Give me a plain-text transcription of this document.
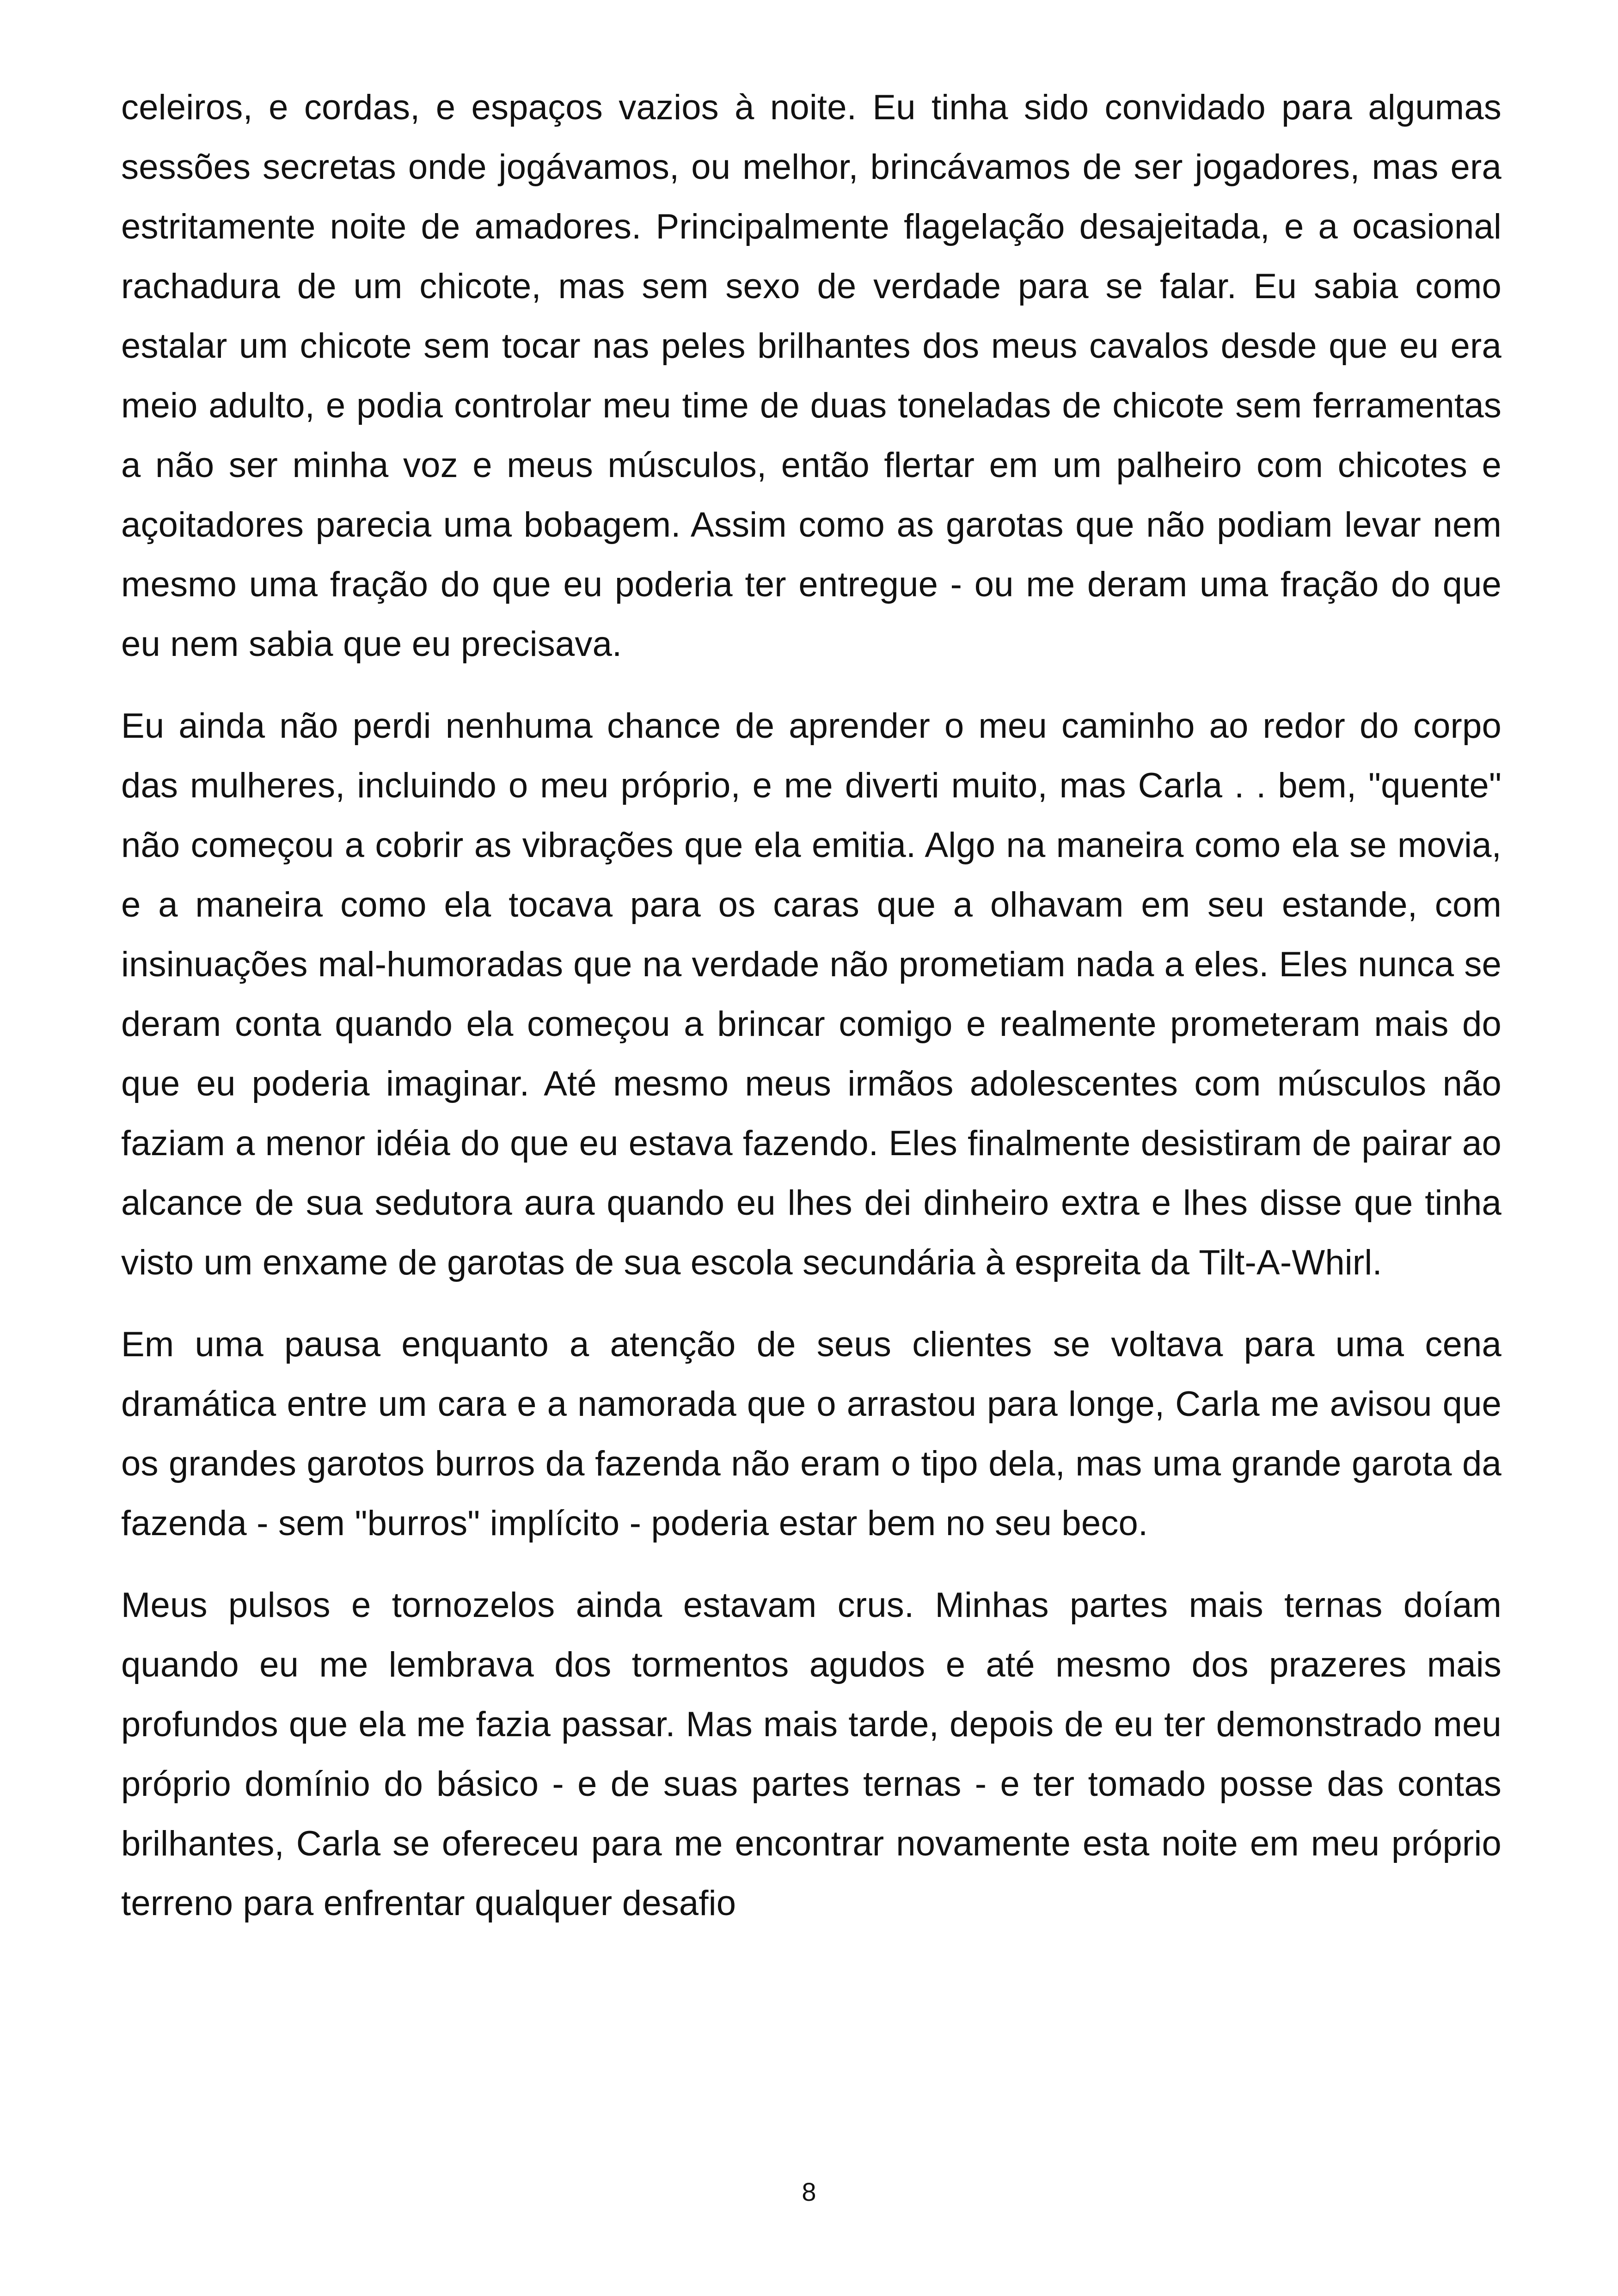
celeiros, e cordas, e espaços vazios à noite. Eu tinha sido convidado para algumas sessões secretas onde jogávamos, ou melhor, brincávamos de ser jogadores, mas era estritamente noite de amadores. Principalmente flagelação desajeitada, e a ocasional rachadura de um chicote, mas sem sexo de verdade para se falar. Eu sabia como estalar um chicote sem tocar nas peles brilhantes dos meus cavalos desde que eu era meio adulto, e podia controlar meu time de duas toneladas de chicote sem ferramentas a não ser minha voz e meus músculos, então flertar em um palheiro com chicotes e açoitadores parecia uma bobagem. Assim como as garotas que não podiam levar nem mesmo uma fração do que eu poderia ter entregue - ou me deram uma fração do que eu nem sabia que eu precisava.

Eu ainda não perdi nenhuma chance de aprender o meu caminho ao redor do corpo das mulheres, incluindo o meu próprio, e me diverti muito, mas Carla . . bem, "quente" não começou a cobrir as vibrações que ela emitia. Algo na maneira como ela se movia, e a maneira como ela tocava para os caras que a olhavam em seu estande, com insinuações mal-humoradas que na verdade não prometiam nada a eles. Eles nunca se deram conta quando ela começou a brincar comigo e realmente prometeram mais do que eu poderia imaginar. Até mesmo meus irmãos adolescentes com músculos não faziam a menor idéia do que eu estava fazendo. Eles finalmente desistiram de pairar ao alcance de sua sedutora aura quando eu lhes dei dinheiro extra e lhes disse que tinha visto um enxame de garotas de sua escola secundária à espreita da Tilt-A-Whirl.

Em uma pausa enquanto a atenção de seus clientes se voltava para uma cena dramática entre um cara e a namorada que o arrastou para longe, Carla me avisou que os grandes garotos burros da fazenda não eram o tipo dela, mas uma grande garota da fazenda - sem "burros" implícito - poderia estar bem no seu beco.

Meus pulsos e tornozelos ainda estavam crus. Minhas partes mais ternas doíam quando eu me lembrava dos tormentos agudos e até mesmo dos prazeres mais profundos que ela me fazia passar. Mas mais tarde, depois de eu ter demonstrado meu próprio domínio do básico - e de suas partes ternas - e ter tomado posse das contas brilhantes, Carla se ofereceu para me encontrar novamente esta noite em meu próprio terreno para enfrentar qualquer desafio

8
